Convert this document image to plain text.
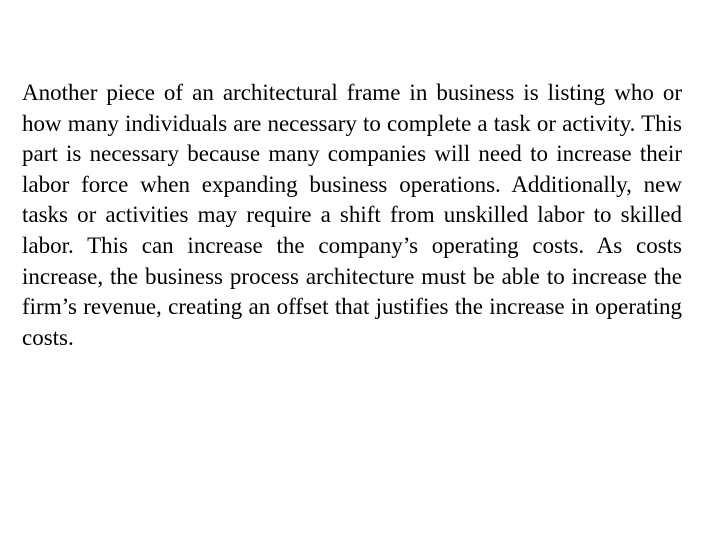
Another piece of an architectural frame in business is listing who or how many individuals are necessary to complete a task or activity. This part is necessary because many companies will need to increase their labor force when expanding business operations. Additionally, new tasks or activities may require a shift from unskilled labor to skilled labor. This can increase the company’s operating costs. As costs increase, the business process architecture must be able to increase the firm’s revenue, creating an offset that justifies the increase in operating costs.
